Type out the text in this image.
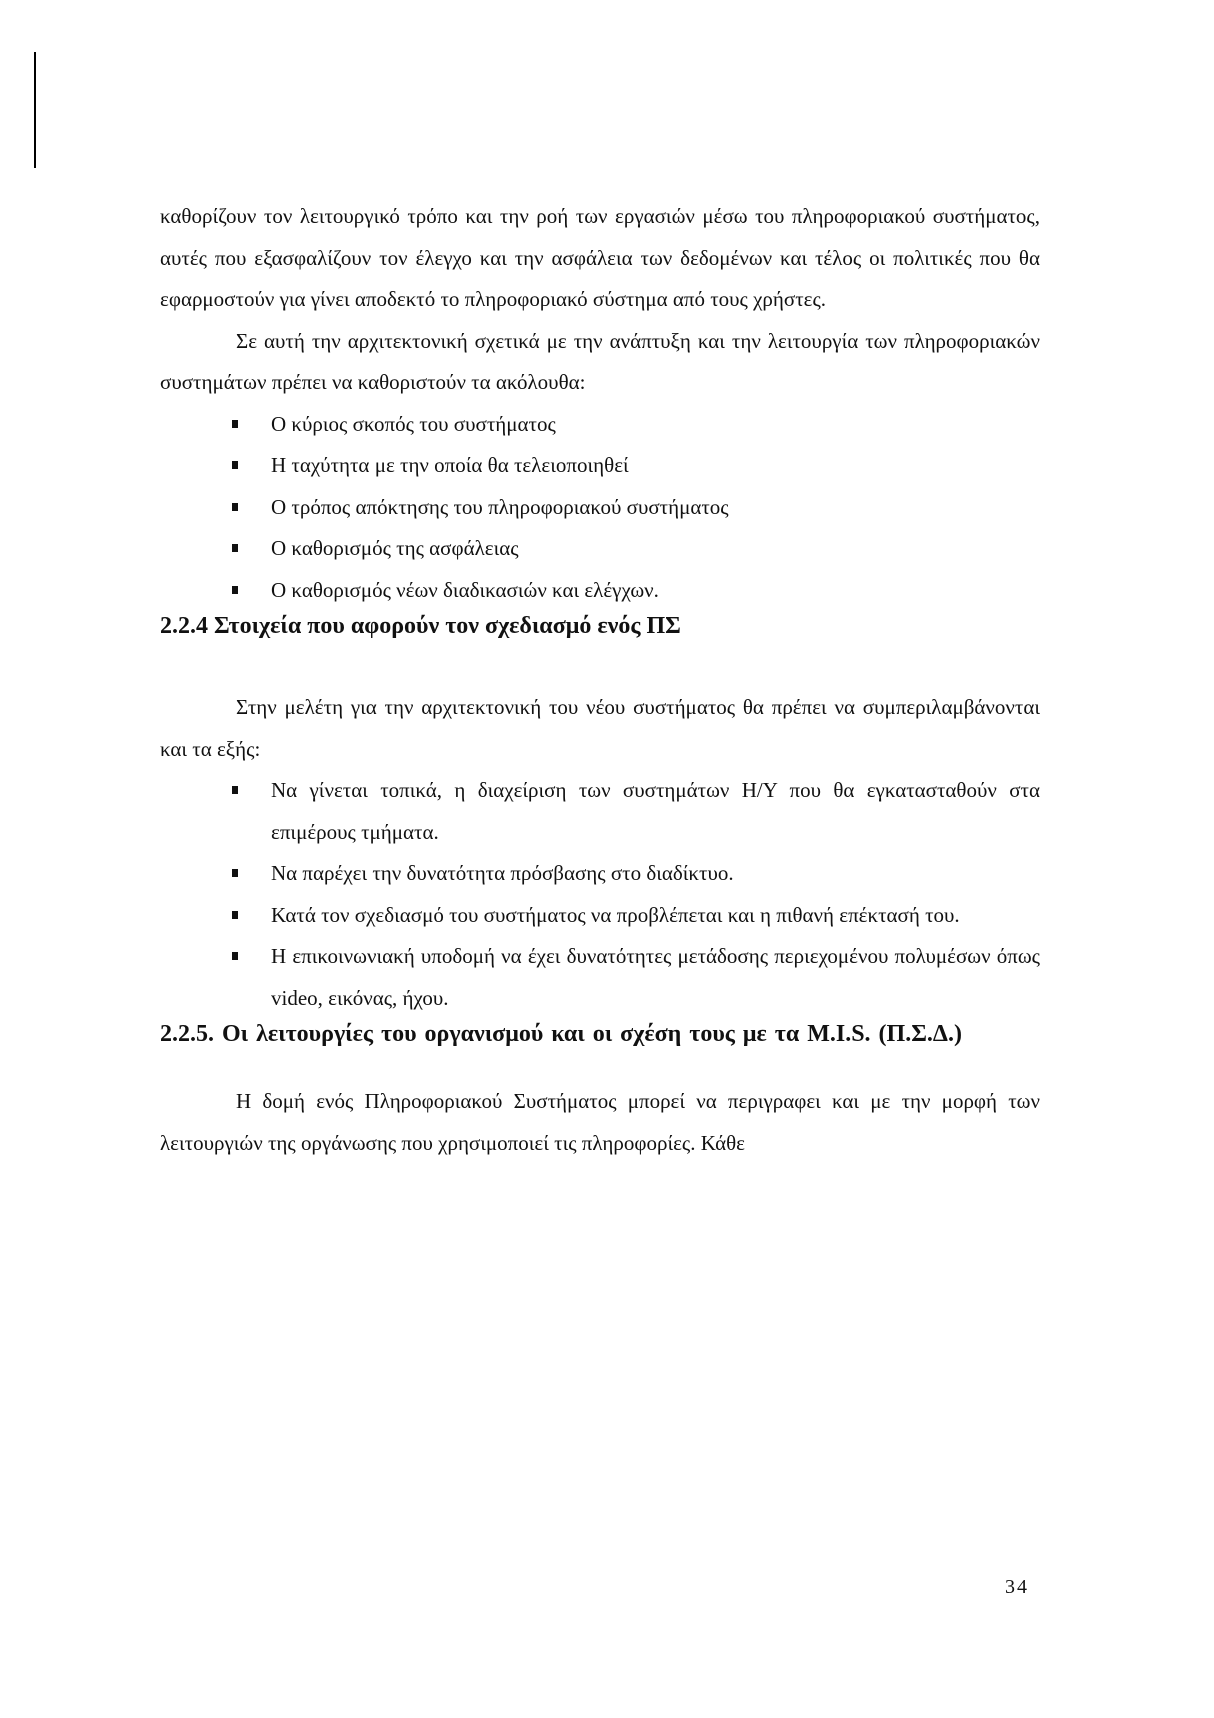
καθορίζουν τον λειτουργικό τρόπο και την ροή των εργασιών μέσω του πληροφοριακού συστήματος, αυτές που εξασφαλίζουν τον έλεγχο και την ασφάλεια των δεδομένων και τέλος οι πολιτικές που θα εφαρμοστούν για γίνει αποδεκτό το πληροφοριακό σύστημα από τους χρήστες.

Σε αυτή την αρχιτεκτονική σχετικά με την ανάπτυξη και την λειτουργία των πληροφοριακών συστημάτων πρέπει να καθοριστούν τα ακόλουθα:

Ο κύριος σκοπός του συστήματος
Η ταχύτητα με την οποία θα τελειοποιηθεί
Ο τρόπος απόκτησης του πληροφοριακού συστήματος
Ο καθορισμός της ασφάλειας
Ο καθορισμός νέων διαδικασιών και ελέγχων.
2.2.4 Στοιχεία που αφορούν τον σχεδιασμό ενός ΠΣ

Στην μελέτη για την αρχιτεκτονική του νέου συστήματος θα πρέπει να συμπεριλαμβάνονται και τα εξής:

Να γίνεται τοπικά, η διαχείριση των συστημάτων Η/Υ που θα εγκατασταθούν στα επιμέρους τμήματα.
Να παρέχει την δυνατότητα πρόσβασης στο διαδίκτυο.
Κατά τον σχεδιασμό του συστήματος να προβλέπεται και η πιθανή επέκτασή του.
Η επικοινωνιακή υποδομή να έχει δυνατότητες μετάδοσης περιεχομένου πολυμέσων όπως video, εικόνας, ήχου.
2.2.5. Οι λειτουργίες του οργανισμού και οι σχέση τους με τα M.I.S. (Π.Σ.Δ.)

Η δομή ενός Πληροφοριακού Συστήματος μπορεί να περιγραφει και με την μορφή των λειτουργιών της οργάνωσης που χρησιμοποιεί τις πληροφορίες. Κάθε

34
